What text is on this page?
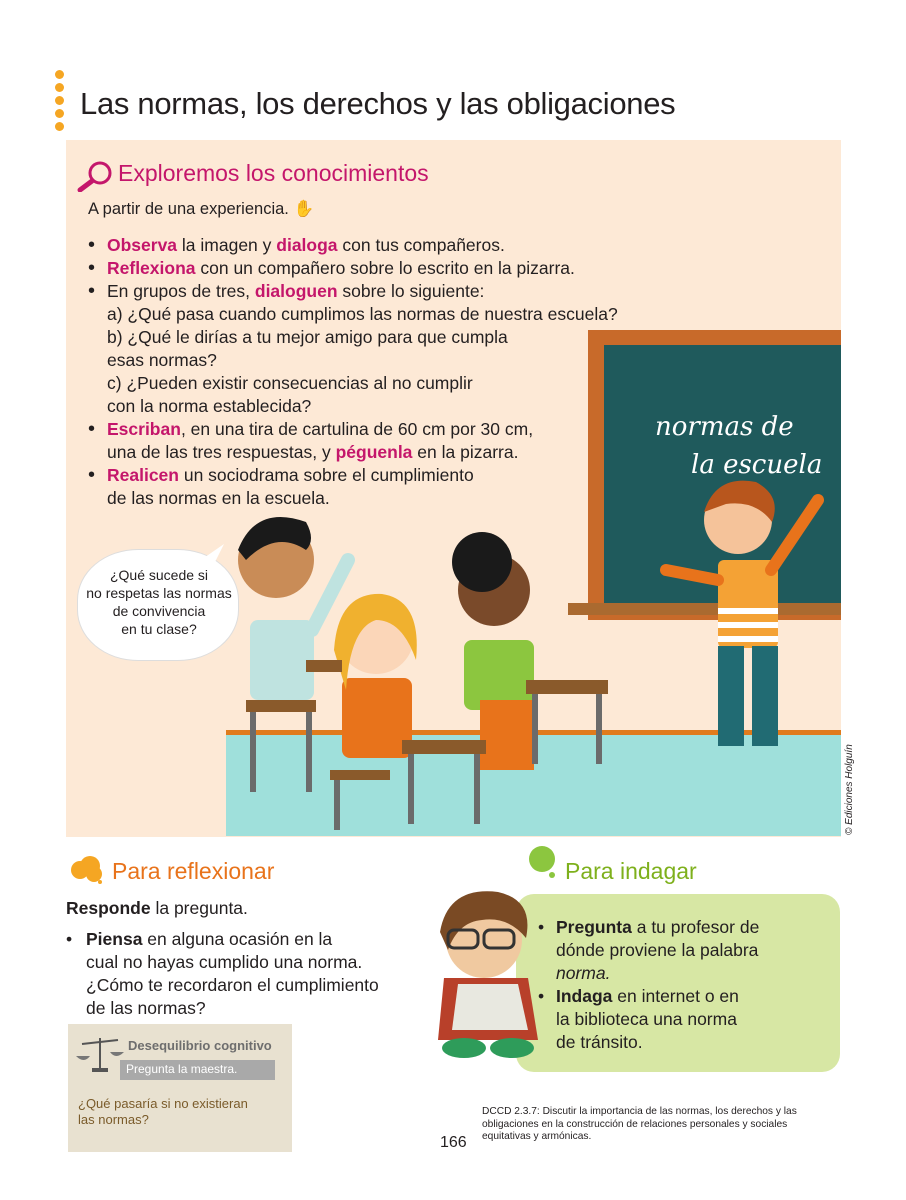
Las normas, los derechos y las obligaciones
Exploremos los conocimientos
A partir de una experiencia. ✋
• Observa la imagen y dialoga con tus compañeros.
• Reflexiona con un compañero sobre lo escrito en la pizarra.
• En grupos de tres, dialoguen sobre lo siguiente:
a) ¿Qué pasa cuando cumplimos las normas de nuestra escuela?
b) ¿Qué le dirías a tu mejor amigo para que cumpla
esas normas?
c) ¿Pueden existir consecuencias al no cumplir
con la norma establecida?
• Escriban, en una tira de cartulina de 60 cm por 30 cm,
una de las tres respuestas, y péguenla en la pizarra.
• Realicen un sociodrama sobre el cumplimiento
de las normas en la escuela.
normas de
la escuela
¿Qué sucede si
no respetas las normas
de convivencia
en tu clase?
© Ediciones Holguín
Para reflexionar
Responde la pregunta.
• Piensa en alguna ocasión en la
cual no hayas cumplido una norma.
¿Cómo te recordaron el cumplimiento
de las normas?
Desequilibrio cognitivo
Pregunta la maestra.
¿Qué pasaría si no existieran
las normas?
Para indagar
• Pregunta a tu profesor de
dónde proviene la palabra
norma.
• Indaga en internet o en
la biblioteca una norma
de tránsito.
DCCD 2.3.7: Discutir la importancia de las normas, los derechos y las
obligaciones en la construcción de relaciones personales y sociales
equitativas y armónicas.
166
